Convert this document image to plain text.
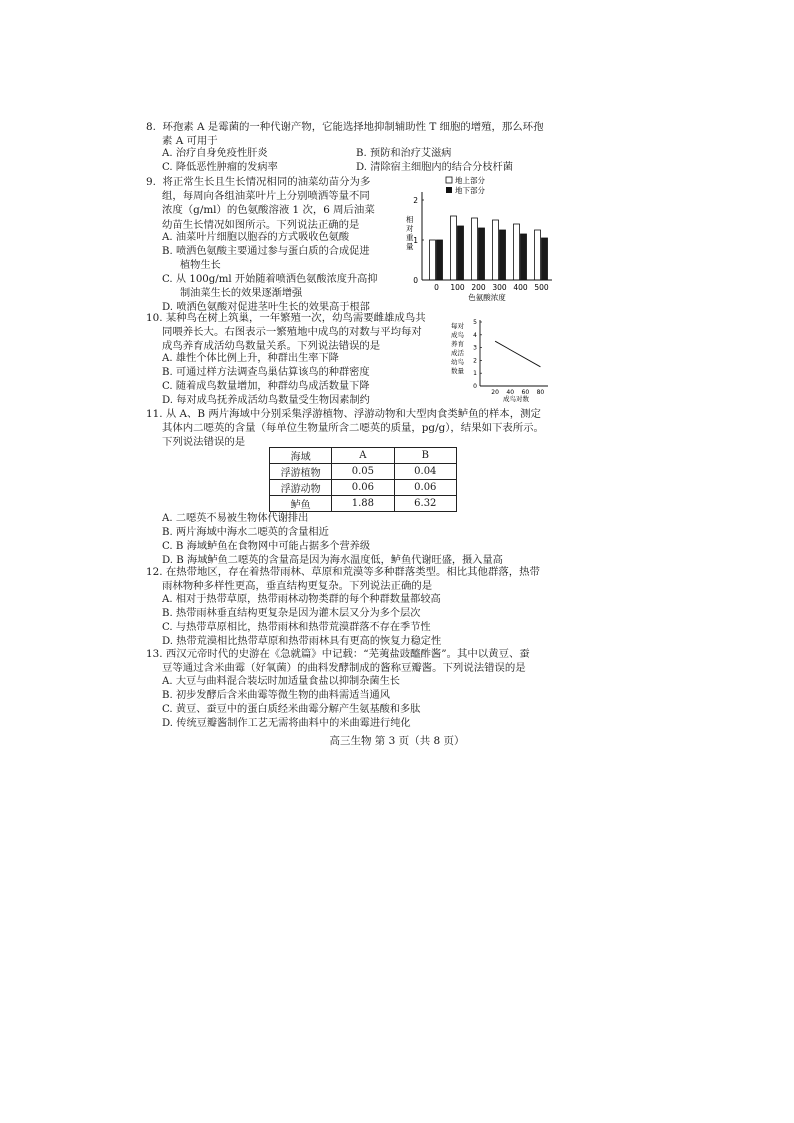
8. 环孢素 A 是霉菌的一种代谢产物，它能选择地抑制辅助性 T 细胞的增殖，那么环孢

素 A 可用于

A. 治疗自身免疫性肝炎	B. 预防和治疗艾滋病
C. 降低恶性肿瘤的发病率	D. 清除宿主细胞内的结合分枝杆菌

9. 将正常生长且生长情况相同的油菜幼苗分为多

组，每周向各组油菜叶片上分别喷洒等量不同

浓度（g/ml）的色氨酸溶液 1 次，6 周后油菜

幼苗生长情况如图所示。下列说法正确的是

A. 油菜叶片细胞以胞吞的方式吸收色氨酸
B. 喷洒色氨酸主要通过参与蛋白质的合成促进
植物生长
C. 从 100g/ml 开始随着喷洒色氨酸浓度升高抑
制油菜生长的效果逐渐增强
D. 喷洒色氨酸对促进茎叶生长的效果高于根部
地上部分
地下部分
相对重量
0 100 200 300 400 500
0
1
2
色氨酸浓度

10. 某种鸟在树上筑巢，一年繁殖一次，幼鸟需要雌雄成鸟共

同喂养长大。右图表示一繁殖地中成鸟的对数与平均每对

成鸟养育成活幼鸟数量关系。下列说法错误的是

A. 雄性个体比例上升，种群出生率下降
B. 可通过样方法调查鸟巢估算该鸟的种群密度
C. 随着成鸟数量增加，种群幼鸟成活数量下降
D. 每对成鸟抚养成活幼鸟数量受生物因素制约
每对
成鸟
养育
成活
幼鸟
数量
20 40 60 80
0
1
2
3
4
5
成鸟对数

11. 从 A、B 两片海域中分别采集浮游植物、浮游动物和大型肉食类鲈鱼的样本，测定

其体内二噁英的含量（每单位生物量所含二噁英的质量，pg/g），结果如下表所示。

下列说法错误的是

海域	A	B
浮游植物	0.05	0.04
浮游动物	0.06	0.06
鲈鱼	1.88	6.32
A. 二噁英不易被生物体代谢排出
B. 两片海域中海水二噁英的含量相近
C. B 海域鲈鱼在食物网中可能占据多个营养级
D. B 海域鲈鱼二噁英的含量高是因为海水温度低，鲈鱼代谢旺盛，摄入量高

12. 在热带地区，存在着热带雨林、草原和荒漠等多种群落类型。相比其他群落，热带

雨林物种多样性更高，垂直结构更复杂。下列说法正确的是

A. 相对于热带草原，热带雨林动物类群的每个种群数量都较高
B. 热带雨林垂直结构更复杂是因为灌木层又分为多个层次
C. 与热带草原相比，热带雨林和热带荒漠群落不存在季节性
D. 热带荒漠相比热带草原和热带雨林具有更高的恢复力稳定性

13. 西汉元帝时代的史游在《急就篇》中记载：“芜荑盐豉醯酢酱”。其中以黄豆、蚕

豆等通过含米曲霉（好氧菌）的曲料发酵制成的酱称豆瓣酱。下列说法错误的是

A. 大豆与曲料混合装坛时加适量食盐以抑制杂菌生长
B. 初步发酵后含米曲霉等微生物的曲料需适当通风
C. 黄豆、蚕豆中的蛋白质经米曲霉分解产生氨基酸和多肽
D. 传统豆瓣酱制作工艺无需将曲料中的米曲霉进行纯化
高三生物 第 3 页（共 8 页）
